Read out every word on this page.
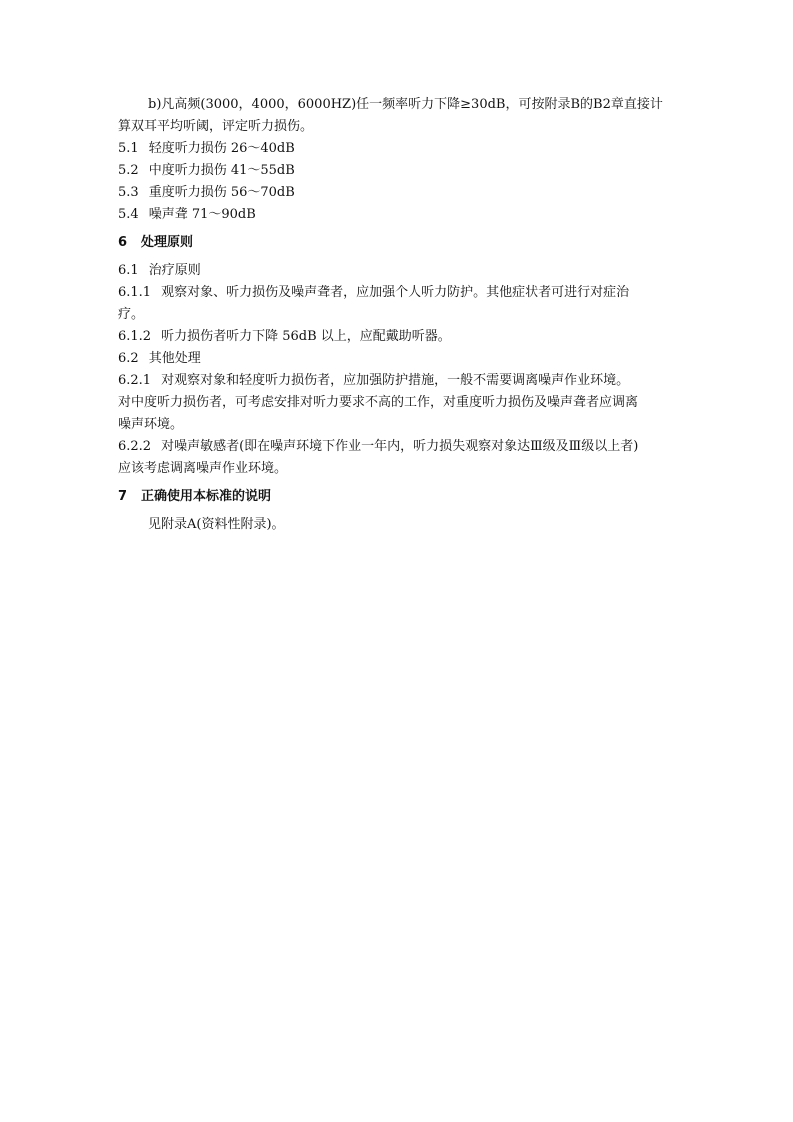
b)凡高频(3000，4000，6000HZ)任一频率听力下降≥30dB，可按附录B的B2章直接计
算双耳平均听阈，评定听力损伤。
5.1 轻度听力损伤 26～40dB
5.2 中度听力损伤 41～55dB
5.3 重度听力损伤 56～70dB
5.4 噪声聋 71～90dB
6 处理原则
6.1 治疗原则
6.1.1 观察对象、听力损伤及噪声聋者，应加强个人听力防护。其他症状者可进行对症治
疗。
6.1.2 听力损伤者听力下降 56dB 以上，应配戴助听器。
6.2 其他处理
6.2.1 对观察对象和轻度听力损伤者，应加强防护措施，一般不需要调离噪声作业环境。
对中度听力损伤者，可考虑安排对听力要求不高的工作，对重度听力损伤及噪声聋者应调离
噪声环境。
6.2.2 对噪声敏感者(即在噪声环境下作业一年内，听力损失观察对象达Ⅲ级及Ⅲ级以上者)
应该考虑调离噪声作业环境。
7 正确使用本标准的说明
见附录A(资料性附录)。
